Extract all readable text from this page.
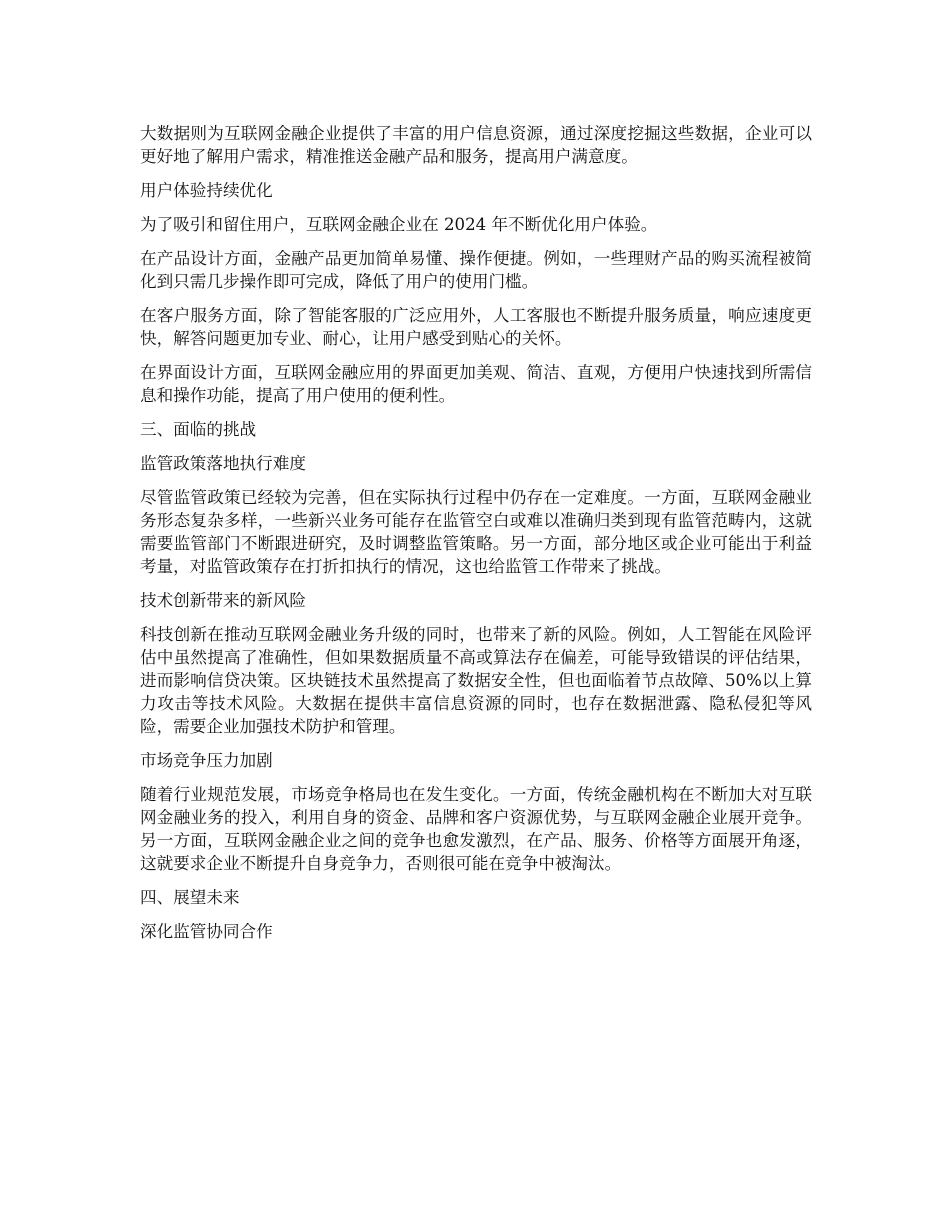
大数据则为互联网金融企业提供了丰富的用户信息资源，通过深度挖掘这些数据，企业可以更好地了解用户需求，精准推送金融产品和服务，提高用户满意度。

用户体验持续优化

为了吸引和留住用户，互联网金融企业在 2024 年不断优化用户体验。

在产品设计方面，金融产品更加简单易懂、操作便捷。例如，一些理财产品的购买流程被简化到只需几步操作即可完成，降低了用户的使用门槛。

在客户服务方面，除了智能客服的广泛应用外，人工客服也不断提升服务质量，响应速度更快，解答问题更加专业、耐心，让用户感受到贴心的关怀。

在界面设计方面，互联网金融应用的界面更加美观、简洁、直观，方便用户快速找到所需信息和操作功能，提高了用户使用的便利性。

三、面临的挑战

监管政策落地执行难度

尽管监管政策已经较为完善，但在实际执行过程中仍存在一定难度。一方面，互联网金融业务形态复杂多样，一些新兴业务可能存在监管空白或难以准确归类到现有监管范畴内，这就需要监管部门不断跟进研究，及时调整监管策略。另一方面，部分地区或企业可能出于利益考量，对监管政策存在打折扣执行的情况，这也给监管工作带来了挑战。

技术创新带来的新风险

科技创新在推动互联网金融业务升级的同时，也带来了新的风险。例如，人工智能在风险评估中虽然提高了准确性，但如果数据质量不高或算法存在偏差，可能导致错误的评估结果，进而影响信贷决策。区块链技术虽然提高了数据安全性，但也面临着节点故障、50%以上算力攻击等技术风险。大数据在提供丰富信息资源的同时，也存在数据泄露、隐私侵犯等风险，需要企业加强技术防护和管理。

市场竞争压力加剧

随着行业规范发展，市场竞争格局也在发生变化。一方面，传统金融机构在不断加大对互联网金融业务的投入，利用自身的资金、品牌和客户资源优势，与互联网金融企业展开竞争。另一方面，互联网金融企业之间的竞争也愈发激烈，在产品、服务、价格等方面展开角逐，这就要求企业不断提升自身竞争力，否则很可能在竞争中被淘汰。

四、展望未来

深化监管协同合作
